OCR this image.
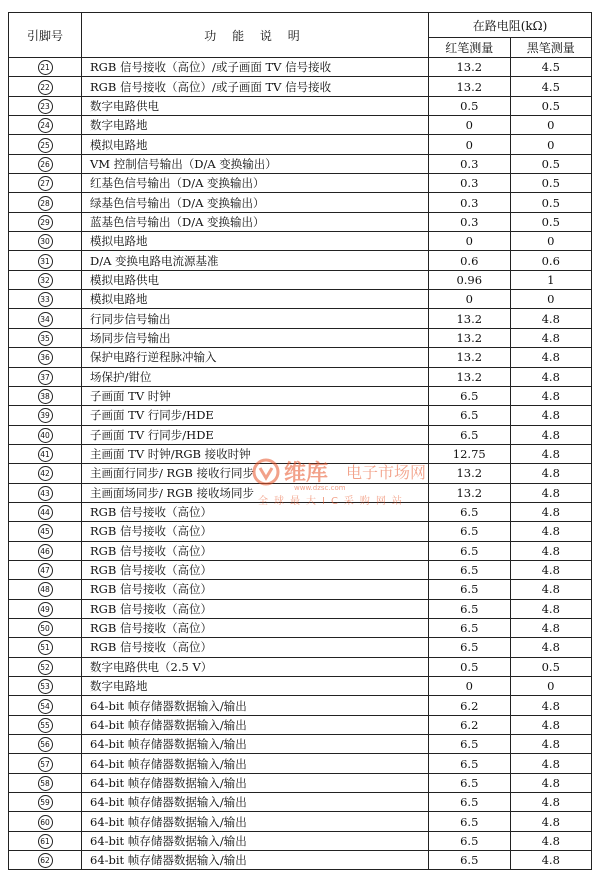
引脚号	功 能 说 明	在路电阻(kΩ)	
		红笔测量	黑笔测量
21	RGB 信号接收（高位）/或子画面 TV 信号接收	13.2	4.5
22	RGB 信号接收（高位）/或子画面 TV 信号接收	13.2	4.5
23	数字电路供电	0.5	0.5
24	数字电路地	0	0
25	模拟电路地	0	0
26	VM 控制信号输出（D/A 变换输出）	0.3	0.5
27	红基色信号输出（D/A 变换输出）	0.3	0.5
28	绿基色信号输出（D/A 变换输出）	0.3	0.5
29	蓝基色信号输出（D/A 变换输出）	0.3	0.5
30	模拟电路地	0	0
31	D/A 变换电路电流源基准	0.6	0.6
32	模拟电路供电	0.96	1
33	模拟电路地	0	0
34	行同步信号输出	13.2	4.8
35	场同步信号输出	13.2	4.8
36	保护电路行逆程脉冲输入	13.2	4.8
37	场保护/钳位	13.2	4.8
38	子画面 TV 时钟	6.5	4.8
39	子画面 TV 行同步/HDE	6.5	4.8
40	子画面 TV 行同步/HDE	6.5	4.8
41	主画面 TV 时钟/RGB 接收时钟	12.75	4.8
42	主画面行同步/ RGB 接收行同步	13.2	4.8
43	主画面场同步/ RGB 接收场同步	13.2	4.8
44	RGB 信号接收（高位）	6.5	4.8
45	RGB 信号接收（高位）	6.5	4.8
46	RGB 信号接收（高位）	6.5	4.8
47	RGB 信号接收（高位）	6.5	4.8
48	RGB 信号接收（高位）	6.5	4.8
49	RGB 信号接收（高位）	6.5	4.8
50	RGB 信号接收（高位）	6.5	4.8
51	RGB 信号接收（高位）	6.5	4.8
52	数字电路供电（2.5 V）	0.5	0.5
53	数字电路地	0	0
54	64-bit 帧存储器数据输入/输出	6.2	4.8
55	64-bit 帧存储器数据输入/输出	6.2	4.8
56	64-bit 帧存储器数据输入/输出	6.5	4.8
57	64-bit 帧存储器数据输入/输出	6.5	4.8
58	64-bit 帧存储器数据输入/输出	6.5	4.8
59	64-bit 帧存储器数据输入/输出	6.5	4.8
60	64-bit 帧存储器数据输入/输出	6.5	4.8
61	64-bit 帧存储器数据输入/输出	6.5	4.8
62	64-bit 帧存储器数据输入/输出	6.5	4.8
维库 电子市场网
www.dzsc.com
全球最大IC采购网站
